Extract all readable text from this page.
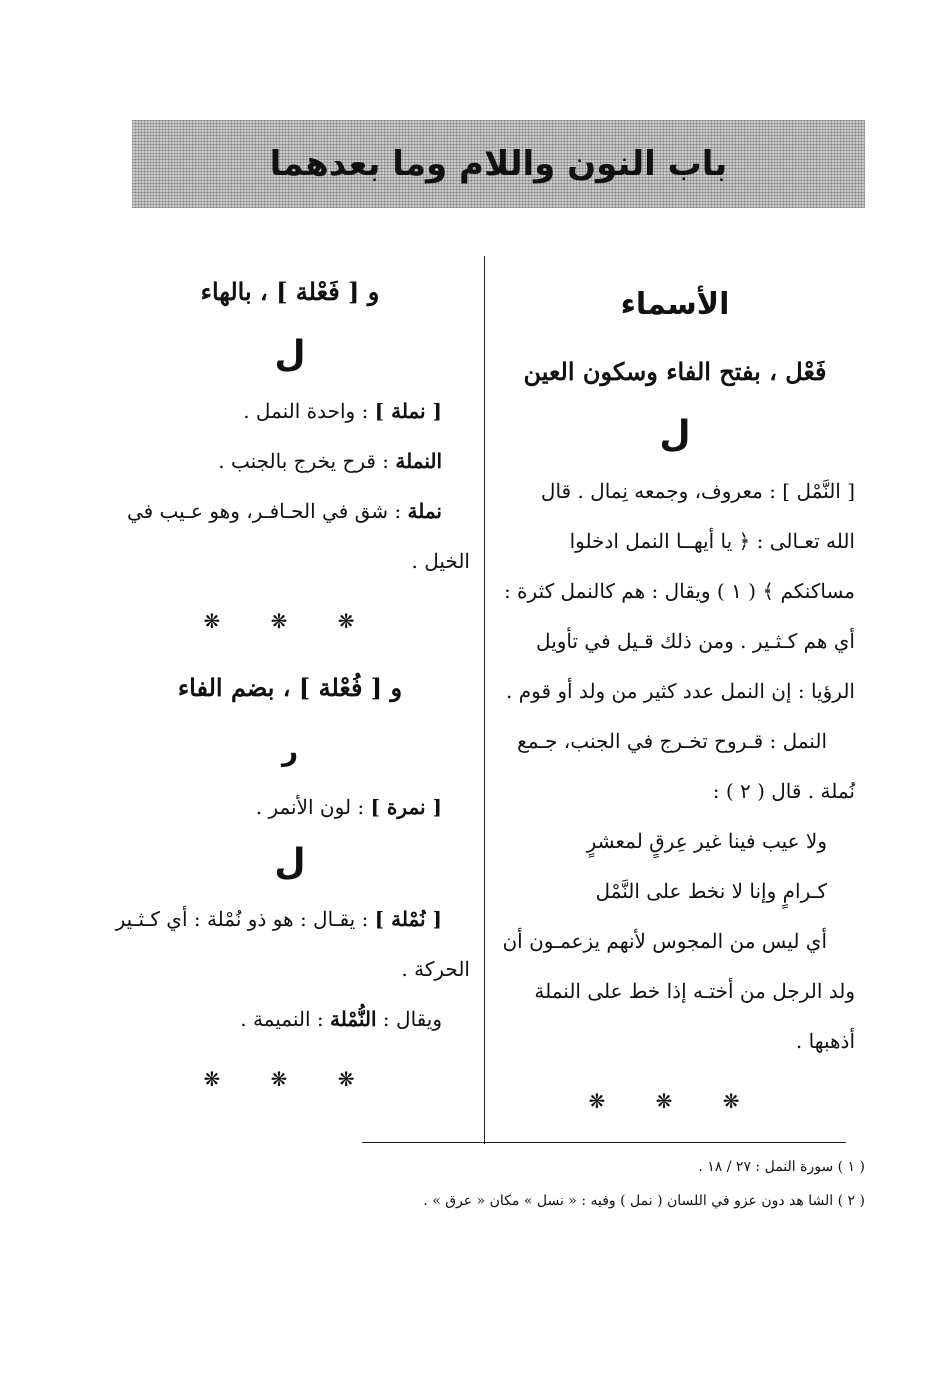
باب النون واللام وما بعدهما

الأسماء

فَعْل ، بفتح الفاء وسكون العين

ل

[ النَّمْل ] : معروف، وجمعه نِمال . قال

الله تعـالى : ﴿ يا أيهــا النمل ادخلوا

مساكنكم ﴾ ( ١ ) ويقال : هم كالنمل كثرة :

أي هم كـثـير . ومن ذلك قـيل في تأويل

الرؤيا : إن النمل عدد كثير من ولد أو قوم .

النمل : قـروح تخـرج في الجنب، جـمع

نُملة . قال ( ٢ ) :

ولا عيب فينا غير عِرقٍ لمعشرٍ

كـرامٍ وإنا لا نخط على النَّمْل

أي ليس من المجوس لأنهم يزعمـون أن

ولد الرجل من أختـه إذا خط على النملة

أذهبها .

❋ ❋ ❋

و [ فَعْلة ] ، بالهاء

ل

[ نملة ] : واحدة النمل .

النملة : قرح يخرج بالجنب .

نملة : شق في الحـافـر، وهو عـيب في

الخيل .

❋ ❋ ❋

و [ فُعْلة ] ، بضم الفاء

ر

[ نمرة ] : لون الأنمر .

ل

[ نُمْلة ] : يقـال : هو ذو نُمْلة : أي كـثـير

الحركة .

ويقال : النُّمْلة : النميمة .

❋ ❋ ❋

( ١ ) سورة النمل : ٢٧ / ١٨ .

( ٢ ) الشا هد دون عزو في اللسان ( نمل ) وفيه : « نسل » مكان « عرق » .
